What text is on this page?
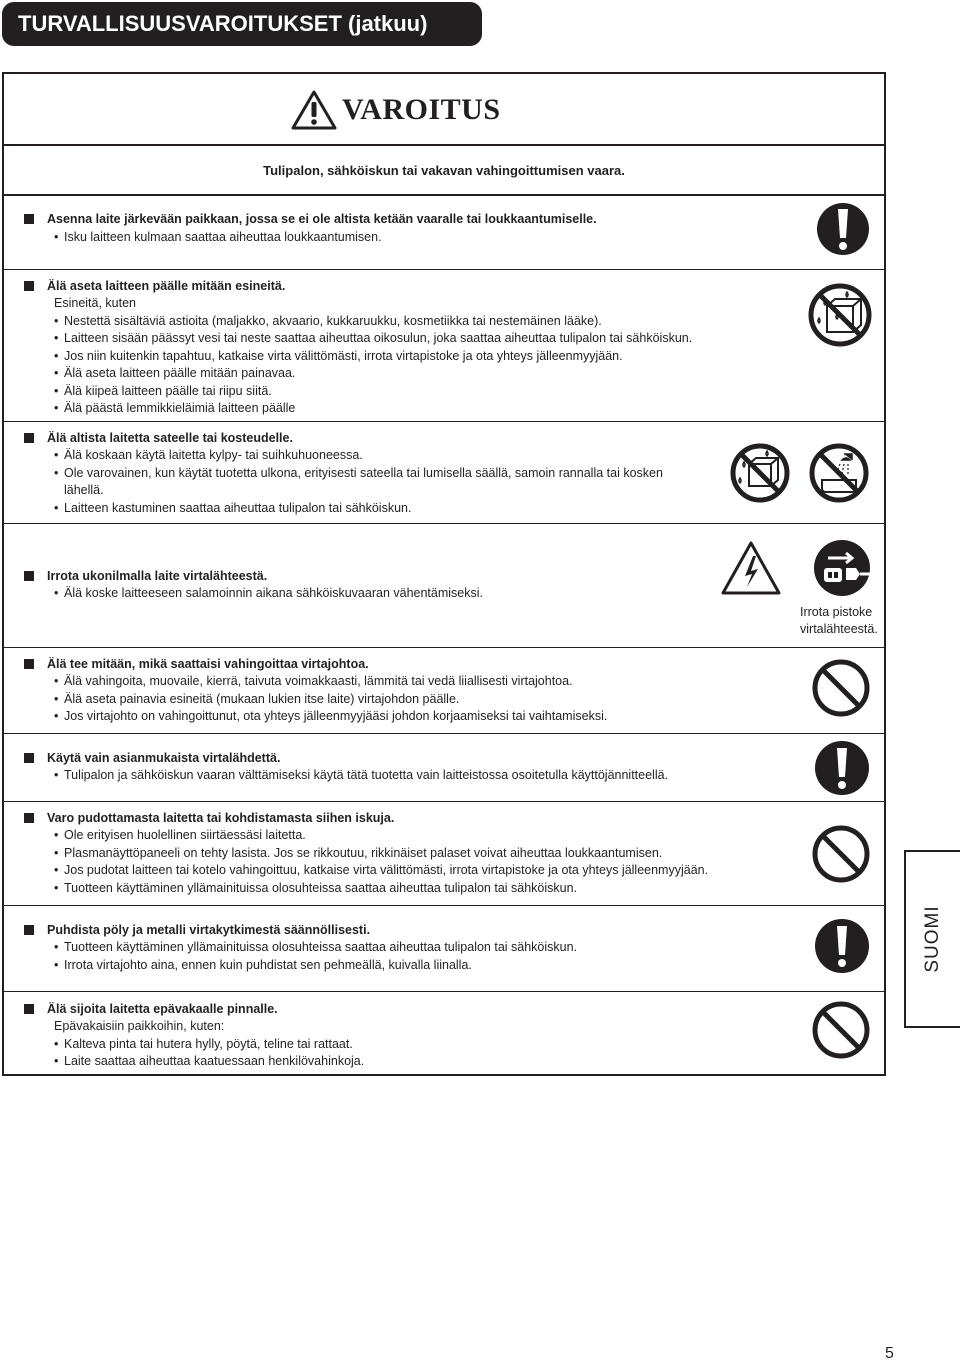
TURVALLISUUSVAROITUKSET (jatkuu)
VAROITUS
Tulipalon, sähköiskun tai vakavan vahingoittumisen vaara.
Asenna laite järkevään paikkaan, jossa se ei ole altista ketään vaaralle tai loukkaantumiselle.
• Isku laitteen kulmaan saattaa aiheuttaa loukkaantumisen.
Älä aseta laitteen päälle mitään esineitä.
Esineitä, kuten
• Nestettä sisältäviä astioita (maljakko, akvaario, kukkaruukku, kosmetiikka tai nestemäinen lääke).
• Laitteen sisään päässyt vesi tai neste saattaa aiheuttaa oikosulun, joka saattaa aiheuttaa tulipalon tai sähköiskun.
• Jos niin kuitenkin tapahtuu, katkaise virta välittömästi, irrota virtapistoke ja ota yhteys jälleenmyyjään.
• Älä aseta laitteen päälle mitään painavaa.
• Älä kiipeä laitteen päälle tai riipu siitä.
• Älä päästä lemmikkieläimiä laitteen päälle
Älä altista laitetta sateelle tai kosteudelle.
• Älä koskaan käytä laitetta kylpy- tai suihkuhuoneessa.
• Ole varovainen, kun käytät tuotetta ulkona, erityisesti sateella tai lumisella säällä, samoin rannalla tai kosken lähellä.
• Laitteen kastuminen saattaa aiheuttaa tulipalon tai sähköiskun.
Irrota ukonilmalla laite virtalähteestä.
• Älä koske laitteeseen salamoinnin aikana sähköiskuvaaran vähentämiseksi.
Irrota pistoke
virtalähteestä.
Älä tee mitään, mikä saattaisi vahingoittaa virtajohtoa.
• Älä vahingoita, muovaile, kierrä, taivuta voimakkaasti, lämmitä tai vedä liiallisesti virtajohtoa.
• Älä aseta painavia esineitä (mukaan lukien itse laite) virtajohdon päälle.
• Jos virtajohto on vahingoittunut, ota yhteys jälleenmyyjääsi johdon korjaamiseksi tai vaihtamiseksi.
Käytä vain asianmukaista virtalähdettä.
• Tulipalon ja sähköiskun vaaran välttämiseksi käytä tätä tuotetta vain laitteistossa osoitetulla käyttöjännitteellä.
Varo pudottamasta laitetta tai kohdistamasta siihen iskuja.
• Ole erityisen huolellinen siirtäessäsi laitetta.
• Plasmanäyttöpaneeli on tehty lasista. Jos se rikkoutuu, rikkinäiset palaset voivat aiheuttaa loukkaantumisen.
• Jos pudotat laitteen tai kotelo vahingoittuu, katkaise virta välittömästi, irrota virtapistoke ja ota yhteys jälleenmyyjään.
• Tuotteen käyttäminen yllämainituissa olosuhteissa saattaa aiheuttaa tulipalon tai sähköiskun.
Puhdista pöly ja metalli virtakytkimestä säännöllisesti.
• Tuotteen käyttäminen yllämainituissa olosuhteissa saattaa aiheuttaa tulipalon tai sähköiskun.
• Irrota virtajohto aina, ennen kuin puhdistat sen pehmeällä, kuivalla liinalla.
Älä sijoita laitetta epävakaalle pinnalle.
Epävakaisiin paikkoihin, kuten:
• Kalteva pinta tai hutera hylly, pöytä, teline tai rattaat.
• Laite saattaa aiheuttaa kaatuessaan henkilövahinkoja.
SUOMI
5
